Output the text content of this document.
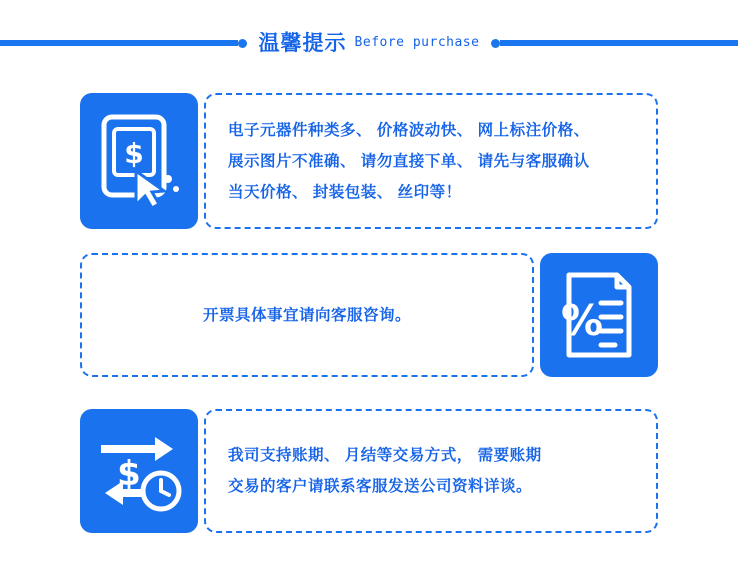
温馨提示 Before purchase
$
电子元器件种类多、 价格波动快、 网上标注价格、
展示图片不准确、 请勿直接下单、 请先与客服确认
当天价格、 封装包装、 丝印等！
开票具体事宜请向客服咨询。	%
$	我司支持账期、 月结等交易方式， 需要账期
交易的客户请联系客服发送公司资料详谈。
